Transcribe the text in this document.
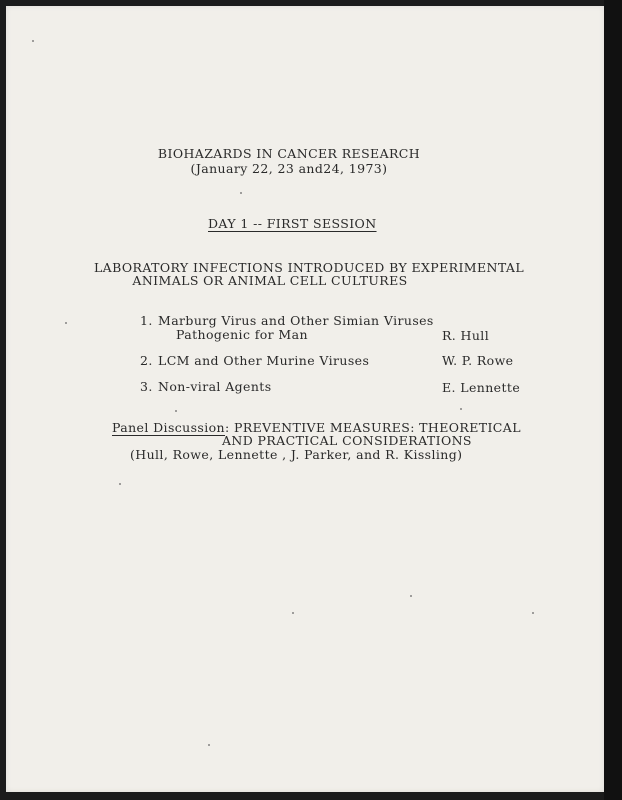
BIOHAZARDS IN CANCER RESEARCH
(January 22, 23 and24, 1973)
DAY 1 -- FIRST SESSION
LABORATORY INFECTIONS INTRODUCED BY EXPERIMENTAL
ANIMALS OR ANIMAL CELL CULTURES
1. Marburg Virus and Other Simian Viruses
Pathogenic for Man	R. Hull
2. LCM and Other Murine Viruses	W. P. Rowe
3. Non-viral Agents	E. Lennette
Panel Discussion: PREVENTIVE MEASURES: THEORETICAL
AND PRACTICAL CONSIDERATIONS
(Hull, Rowe, Lennette , J. Parker, and R. Kissling)
